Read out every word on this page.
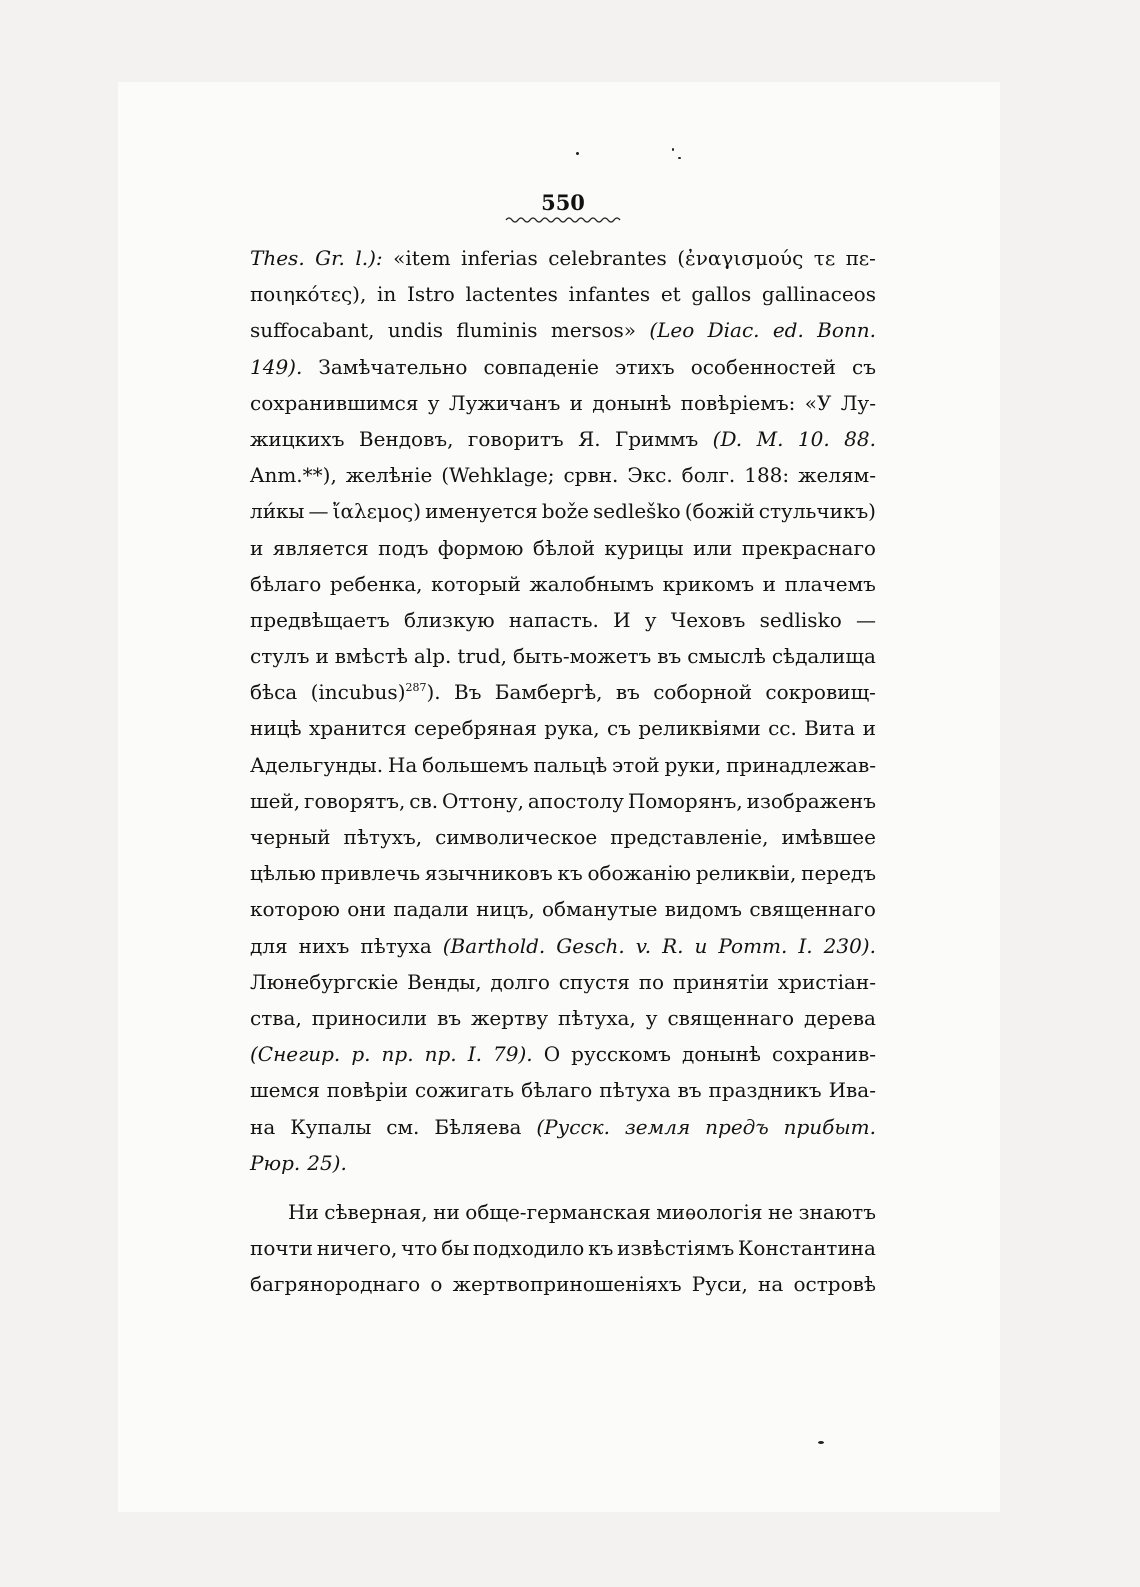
550
Thes. Gr. l.): «item inferias celebrantes (ἐναγισμούς τε πε-
ποιηκότες), in Istro lactentes infantes et gallos gallinaceos
suffocabant, undis fluminis mersos» (Leo Diac. ed. Bonn.
149). Замѣчательно совпаденіе этихъ особенностей съ
сохранившимся у Лужичанъ и донынѣ повѣріемъ: «У Лу-
жицкихъ Вендовъ, говоритъ Я. Гриммъ (D. M. 10. 88.
Anm.**), желѣніе (Wehklage; срвн. Экс. болг. 188: желям-
ли́кы — ἴαλεμος) именуется bože sedleško (божій стульчикъ)
и является подъ формою бѣлой курицы или прекраснаго
бѣлаго ребенка, который жалобнымъ крикомъ и плачемъ
предвѣщаетъ близкую напасть. И у Чеховъ sedlisko —
стулъ и вмѣстѣ alp. trud, быть-можетъ въ смыслѣ сѣдалища
бѣса (incubus)$^{287}$). Въ Бамбергѣ, въ соборной сокровищ-
ницѣ хранится серебряная рука, съ реликвіями сс. Вита и
Адельгунды. На большемъ пальцѣ этой руки, принадлежав-
шей, говорятъ, св. Оттону, апостолу Поморянъ, изображенъ
черный пѣтухъ, символическое представленіе, имѣвшее
цѣлью привлечь язычниковъ къ обожанію реликвіи, передъ
которою они падали ницъ, обманутые видомъ священнаго
для нихъ пѣтуха (Barthold. Gesch. v. R. u Pomm. I. 230).
Люнебургскіе Венды, долго спустя по принятіи христіан-
ства, приносили въ жертву пѣтуха, у священнаго дерева
(Снегир. р. пр. пр. I. 79). О русскомъ донынѣ сохранив-
шемся повѣріи сожигать бѣлаго пѣтуха въ праздникъ Ива-
на Купалы см. Бѣляева (Русск. земля предъ прибыт.
Рюр. 25).
Ни сѣверная, ни обще-германская миѳологія не знаютъ
почти ничего, что бы подходило къ извѣстіямъ Константина
багрянороднаго о жертвоприношеніяхъ Руси, на островѣ
